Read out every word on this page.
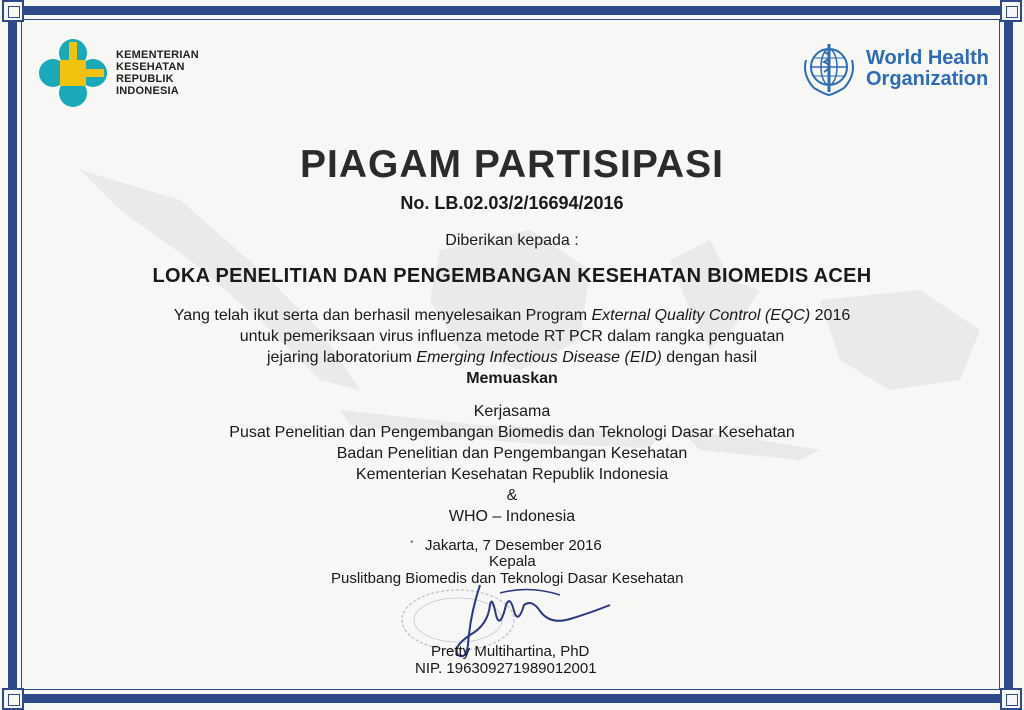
KEMENTERIAN
KESEHATAN
REPUBLIK
INDONESIA
World Health
Organization
PIAGAM PARTISIPASI
No. LB.02.03/2/16694/2016
Diberikan kepada :
LOKA PENELITIAN DAN PENGEMBANGAN KESEHATAN BIOMEDIS ACEH
Yang telah ikut serta dan berhasil menyelesaikan Program External Quality Control (EQC) 2016
untuk pemeriksaan virus influenza metode RT PCR dalam rangka penguatan
jejaring laboratorium Emerging Infectious Disease (EID) dengan hasil
Memuaskan
Kerjasama
Pusat Penelitian dan Pengembangan Biomedis dan Teknologi Dasar Kesehatan
Badan Penelitian dan Pengembangan Kesehatan
Kementerian Kesehatan Republik Indonesia
&
WHO – Indonesia
• Jakarta, 7 Desember 2016
Kepala
Puslitbang Biomedis dan Teknologi Dasar Kesehatan
Pretty Multihartina, PhD
NIP. 196309271989012001
